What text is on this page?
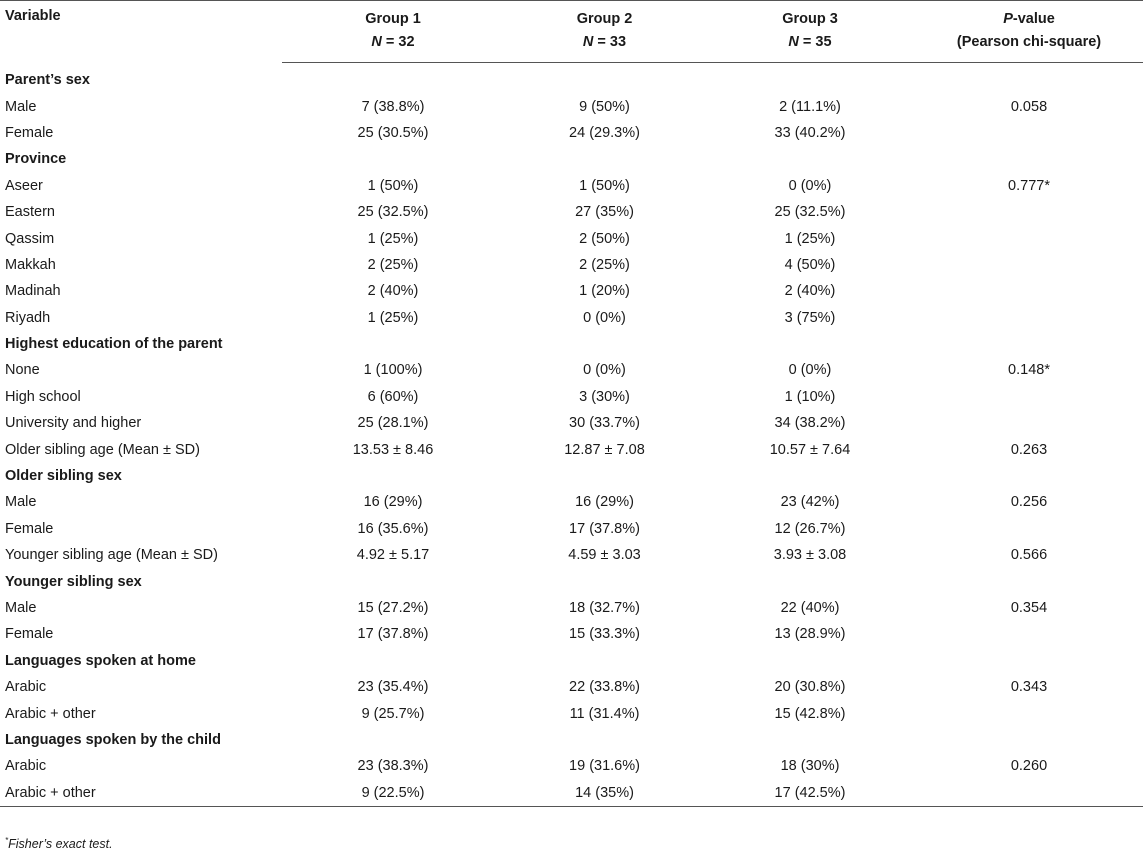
Variable	Group 1	Group 2	Group 3	P-value
	N = 32	N = 33	N = 35	(Pearson chi-square)
Parent’s sex				
Male	7 (38.8%)	9 (50%)	2 (11.1%)	0.058
Female	25 (30.5%)	24 (29.3%)	33 (40.2%)	
Province				
Aseer	1 (50%)	1 (50%)	0 (0%)	0.777*
Eastern	25 (32.5%)	27 (35%)	25 (32.5%)	
Qassim	1 (25%)	2 (50%)	1 (25%)	
Makkah	2 (25%)	2 (25%)	4 (50%)	
Madinah	2 (40%)	1 (20%)	2 (40%)	
Riyadh	1 (25%)	0 (0%)	3 (75%)	
Highest education of the parent				
None	1 (100%)	0 (0%)	0 (0%)	0.148*
High school	6 (60%)	3 (30%)	1 (10%)	
University and higher	25 (28.1%)	30 (33.7%)	34 (38.2%)	
Older sibling age (Mean ± SD)	13.53 ± 8.46	12.87 ± 7.08	10.57 ± 7.64	0.263
Older sibling sex				
Male	16 (29%)	16 (29%)	23 (42%)	0.256
Female	16 (35.6%)	17 (37.8%)	12 (26.7%)	
Younger sibling age (Mean ± SD)	4.92 ± 5.17	4.59 ± 3.03	3.93 ± 3.08	0.566
Younger sibling sex				
Male	15 (27.2%)	18 (32.7%)	22 (40%)	0.354
Female	17 (37.8%)	15 (33.3%)	13 (28.9%)	
Languages spoken at home				
Arabic	23 (35.4%)	22 (33.8%)	20 (30.8%)	0.343
Arabic + other	9 (25.7%)	11 (31.4%)	15 (42.8%)	
Languages spoken by the child				
Arabic	23 (38.3%)	19 (31.6%)	18 (30%)	0.260
Arabic + other	9 (22.5%)	14 (35%)	17 (42.5%)	
*Fisher’s exact test.
